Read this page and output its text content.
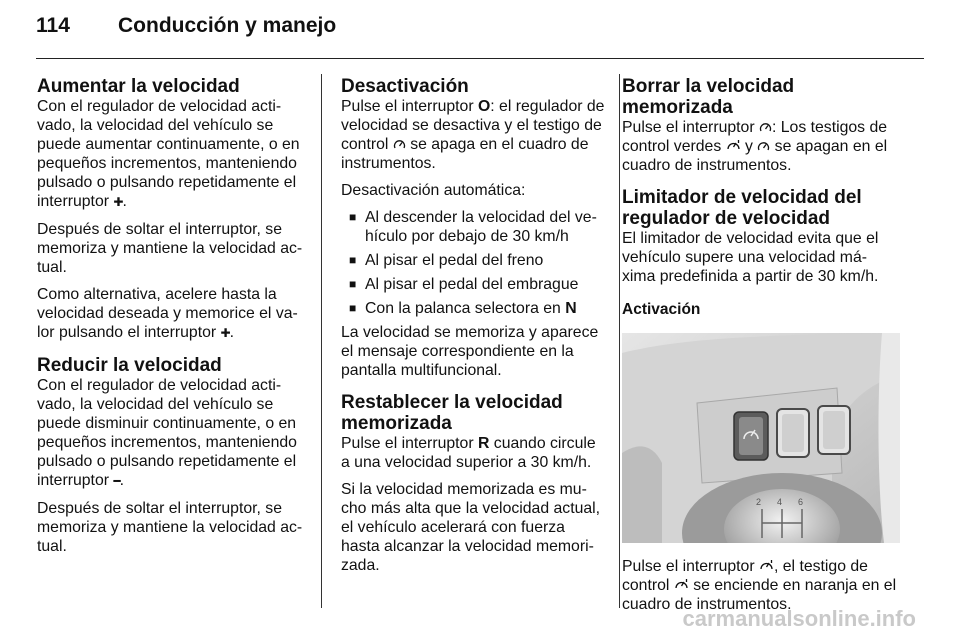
114	Conducción y manejo
Aumentar la velocidad

Con el regulador de velocidad acti- vado, la velocidad del vehículo se puede aumentar continuamente, o en pequeños incrementos, manteniendo pulsado o pulsando repetidamente el interruptor ✚.

Después de soltar el interruptor, se memoriza y mantiene la velocidad ac- tual.

Como alternativa, acelere hasta la velocidad deseada y memorice el va- lor pulsando el interruptor ✚.

Reducir la velocidad

Con el regulador de velocidad acti- vado, la velocidad del vehículo se puede disminuir continuamente, o en pequeños incrementos, manteniendo pulsado o pulsando repetidamente el interruptor ━.

Después de soltar el interruptor, se memoriza y mantiene la velocidad ac- tual.

Desactivación

Pulse el interruptor O: el regulador de velocidad se desactiva y el testigo de control  se apaga en el cuadro de instrumentos.

Desactivación automática:

■ Al descender la velocidad del ve- hículo por debajo de 30 km/h
■ Al pisar el pedal del freno
■ Al pisar el pedal del embrague
■ Con la palanca selectora en N

La velocidad se memoriza y aparece el mensaje correspondiente en la pantalla multifuncional.

Restablecer la velocidad memorizada

Pulse el interruptor R cuando circule a una velocidad superior a 30 km/h.

Si la velocidad memorizada es mu- cho más alta que la velocidad actual, el vehículo acelerará con fuerza hasta alcanzar la velocidad memori- zada.

Borrar la velocidad memorizada

Pulse el interruptor : Los testigos de control verdes  y  se apagan en el cuadro de instrumentos.

Limitador de velocidad del regulador de velocidad

El limitador de velocidad evita que el vehículo supere una velocidad má- xima predefinida a partir de 30 km/h.

Activación
2 4 6

Pulse el interruptor , el testigo de control  se enciende en naranja en el cuadro de instrumentos.

carmanualsonline.info
